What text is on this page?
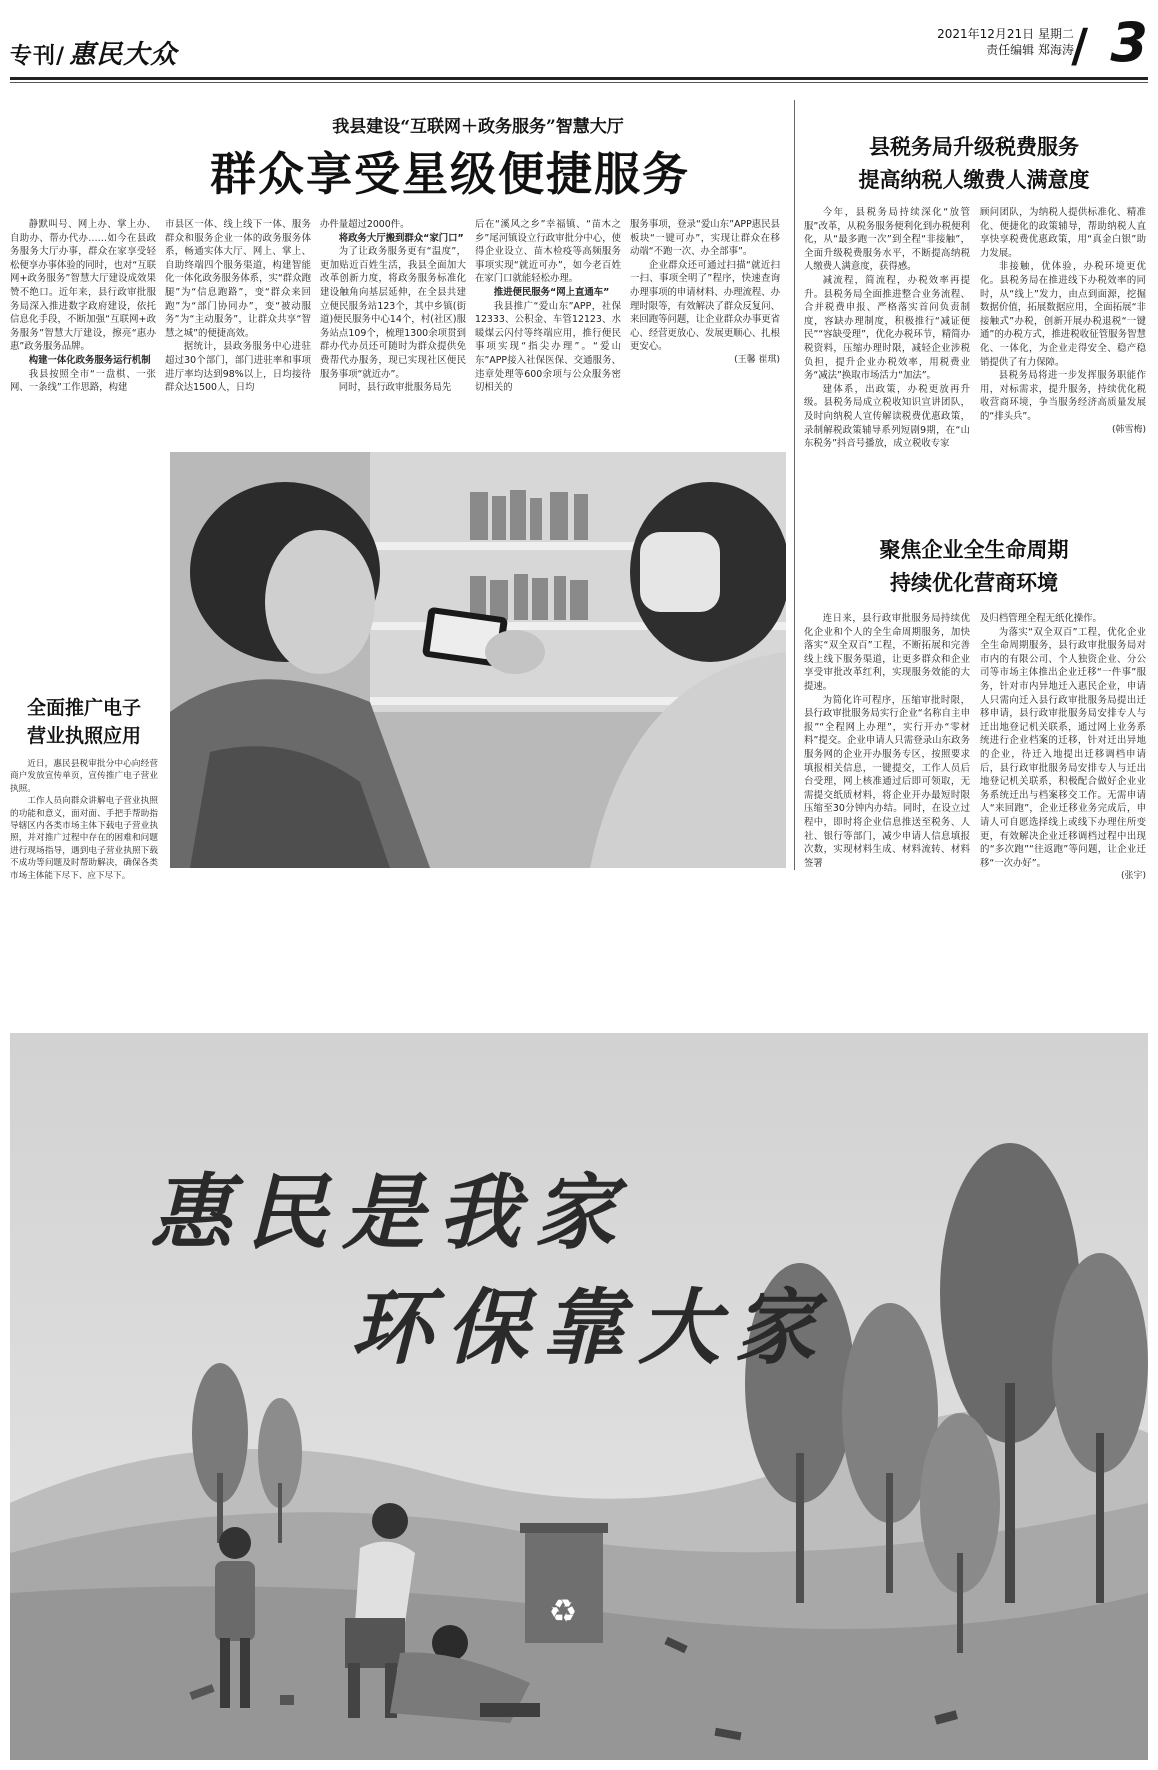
专刊/ 惠民大众
2021年12月21日 星期二
责任编辑 郑海涛
/ 3
我县建设“互联网＋政务服务”智慧大厅
群众享受星级便捷服务

静默叫号、网上办、掌上办、自助办、帮办代办……如今在县政务服务大厅办事，群众在家享受轻松便享办事体验的同时，也对“互联网+政务服务”智慧大厅建设成效果赞不绝口。近年来，县行政审批服务局深入推进数字政府建设，依托信息化手段，不断加强“互联网+政务服务”智慧大厅建设，擦亮“惠办惠”政务服务品牌。

构建一体化政务服务运行机制

我县按照全市“一盘棋、一张网、一条线”工作思路，构建

市县区一体、线上线下一体、服务群众和服务企业一体的政务服务体系，畅通实体大厅、网上、掌上、自助终端四个服务渠道，构建智能化一体化政务服务体系，实“群众跑腿”为“信息跑路”，变“群众来回跑”为“部门协同办”，变“被动服务”为“主动服务”，让群众共享“智慧之城”的便捷高效。

据统计，县政务服务中心进驻超过30个部门，部门进驻率和事项进厅率均达到98%以上，日均接待群众达1500人，日均

办件量超过2000件。

将政务大厅搬到群众“家门口”

为了让政务服务更有“温度”，更加贴近百姓生活，我县全面加大改革创新力度，将政务服务标准化建设触角向基层延伸，在全县共建立便民服务站123个，其中乡镇(街道)便民服务中心14个，村(社区)服务站点109个，梳理1300余项贯到群办代办员还可随时为群众提供免费帮代办服务，现已实现社区便民服务事项“就近办”。

同时，县行政审批服务局先

后在“溪风之乡”幸福镇、“苗木之乡”尾河镇设立行政审批分中心，使得企业设立、苗木检疫等高频服务事项实现“就近可办”，如今老百姓在家门口就能轻松办理。

推进便民服务“网上直通车”

我县推广“爱山东”APP，社保12333、公积金、车管12123、水暖煤云闪付等终端应用，推行便民事项实现“指尖办理”。“爱山东”APP接入社保医保、交通服务、违章处理等600余项与公众服务密切相关的

服务事项，登录“爱山东”APP惠民县板块“一键可办”，实现让群众在移动端“不跑一次、办全部事”。

企业群众还可通过扫描“就近扫一扫、事项全明了”程序，快速查询办理事项的申请材料、办理流程、办理时限等，有效解决了群众反复问、来回跑等问题，让企业群众办事更省心、经营更放心、发展更顺心、扎根更安心。

(王馨 崔琪)
全面推广电子
营业执照应用

近日，惠民县税审批分中心向经营商户发放宣传单页，宣传推广电子营业执照。

工作人员向群众讲解电子营业执照的功能和意义，面对面、手把手帮助指导辖区内各类市场主体下载电子营业执照，并对推广过程中存在的困难和问题进行现场指导，遇到电子营业执照下载不成功等问题及时帮助解决，确保各类市场主体能下尽下、应下尽下。

县税务局升级税费服务
提高纳税人缴费人满意度

今年，县税务局持续深化“放管服”改革，从税务服务便利化到办税便利化，从“最多跑一次”到全程“非接触”，全面升级税费服务水平，不断提高纳税人缴费人满意度，获得感。

减流程，简流程，办税效率再提升。县税务局全面推进整合业务流程、合并税费申报、严格落实首问负责制度，容缺办理制度，积极推行“减证便民”“容缺受理”，优化办税环节，精简办税资料，压缩办理时限，减轻企业涉税负担，提升企业办税效率，用税费业务“减法”换取市场活力“加法”。

建体系，出政策，办税更放再升级。县税务局成立税收知识宣讲团队，及时向纳税人宣传解读税费优惠政策，录制解税政策辅导系列短剧9期，在“山东税务”抖音号播放，成立税收专家

顾问团队，为纳税人提供标准化、精准化、便捷化的政策辅导，帮助纳税人直享快享税费优惠政策，用“真金白银”助力发展。

非接触，优体验，办税环境更优化。县税务局在推进线下办税效率的同时，从“线上”发力，由点到面源，挖掘数据价值，拓展数据应用，全面拓展“非接触式”办税，创新开展办税退税“一键通”的办税方式，推进税收征管服务智慧化、一体化，为企业走得安全、稳产稳销提供了有力保障。

县税务局将进一步发挥服务职能作用，对标需求，提升服务，持续优化税收营商环境，争当服务经济高质量发展的“排头兵”。

(韩雪梅)
聚焦企业全生命周期
持续优化营商环境

连日来，县行政审批服务局持续优化企业和个人的全生命周期服务，加快落实“双全双百”工程，不断拓展和完善线上线下服务渠道，让更多群众和企业享受审批改革红利，实现服务效能的大提速。

为简化许可程序，压缩审批时限，县行政审批服务局实行企业“名称自主申报”“全程网上办理”，实行开办“零材料”提交。企业申请人只需登录山东政务服务网的企业开办服务专区，按照要求填报相关信息，一键提交，工作人员后台受理，网上核准通过后即可领取，无需提交纸质材料，将企业开办最短时限压缩至30分钟内办结。同时，在设立过程中，即时将企业信息推送至税务、人社、银行等部门，减少申请人信息填报次数，实现材料生成、材料流转、材料签署

及归档管理全程无纸化操作。

为落实“双全双百”工程，优化企业全生命周期服务，县行政审批服务局对市内的有限公司、个人独资企业、分公司等市场主体推出企业迁移“一件事”服务，针对市内异地迁入惠民企业，申请人只需向迁入县行政审批服务局提出迁移申请，县行政审批服务局安排专人与迁出地登记机关联系，通过网上业务系统进行企业档案的迁移，针对迁出异地的企业，待迁入地提出迁移调档申请后，县行政审批服务局安排专人与迁出地登记机关联系，积极配合做好企业业务系统迁出与档案移交工作。无需申请人“来回跑”，企业迁移业务完成后，申请人可自愿选择线上或线下办理住所变更，有效解决企业迁移调档过程中出现的“多次跑”“往返跑”等问题，让企业迁移“一次办好”。

(张宇)
♻
惠民是我家
环保靠大家
